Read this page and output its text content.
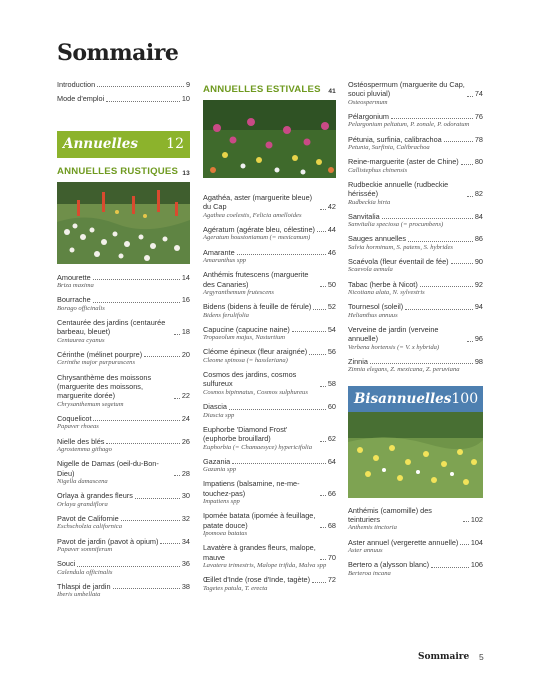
Sommaire
Introduction	9
Mode d'emploi	10
Annuelles 12
ANNUELLES RUSTIQUES 13
Amourette	14
Briza maxima
Bourrache	16
Borago officinalis
Centaurée des jardins (centaurée barbeau, bleuet)	18
Centaurea cyanus
Cérinthe (mélinet pourpre)	20
Cerinthe major purpurascens
Chrysanthème des moissons (marguerite des moissons, marguerite dorée)	22
Chrysanthemum segetum
Coquelicot	24
Papaver rhoeas
Nielle des blés	26
Agrostemma githago
Nigelle de Damas (oeil-du-Bon-Dieu)	28
Nigella damascena
Orlaya à grandes fleurs	30
Orlaya grandiflora
Pavot de Californie	32
Eschscholzia californica
Pavot de jardin (pavot à opium)	34
Papaver somniferum
Souci	36
Calendula officinalis
Thlaspi de jardin	38
Iberis umbellata
ANNUELLES ESTIVALES 41
Agathéa, aster (marguerite bleue) du Cap	42
Agathea coelestis, Felicia amelloides
Agératum (agérate bleu, célestine) 44
Ageratum houstonianum (= mexicanum)
Amarante	46
Amaranthus spp
Anthémis frutescens (marguerite des Canaries)	50
Argyranthemum frutescens
Bidens (bidens à feuille de férule) 52
Bidens ferulifolia
Capucine (capucine naine)	54
Tropaeolum majus, Nasturtium
Cléome épineux (fleur araignée)	56
Cleome spinosa (= hassleriana)
Cosmos des jardins, cosmos sulfureux	58
Cosmos bipinnatus, Cosmos sulphureus
Diascia	60
Diascia spp
Euphorbe 'Diamond Frost' (euphorbe brouillard)	62
Euphorbia (= Chamaesyce) hypericifolia
Gazania	64
Gazania spp
Impatiens (balsamine, ne-me-touchez-pas)	66
Impatiens spp
Ipomée batata (ipomée à feuillage, patate douce)	68
Ipomoea batatas
Lavatère à grandes fleurs, malope, mauve	70
Lavatera trimestris, Malope trifida, Malva spp
Œillet d'Inde (rose d'Inde, tagète) 72
Tagetes patula, T. erecta
Ostéospermum (marguerite du Cap, souci pluvial)	74
Osteospermum
Pélargonium	76
Pelargonium peltatum, P. zonale, P. odoratum
Pétunia, surfinia, calibrachoa	78
Petunia, Surfinia, Calibrachoa
Reine-marguerite (aster de Chine) 80
Callistephus chinensis
Rudbeckie annuelle (rudbeckie hérissée)	82
Rudbeckia hirta
Sanvitalia	84
Sanvitalia speciosa (= procumbens)
Sauges annuelles	86
Salvia horminum, S. patens, S. hybrides
Scaévola (fleur éventail de fée)	90
Scaevola aemula
Tabac (herbe à Nicot)	92
Nicotiana alata, N. sylvestris
Tournesol (soleil)	94
Helianthus annuus
Verveine de jardin (verveine annuelle)	96
Verbena hortensis (= V. x hybrida)
Zinnia	98
Zinnia elegans, Z. mexicana, Z. peruviana
Bisannuelles 100
Anthémis (camomille) des teinturiers	102
Anthemis tinctoria
Aster annuel (vergerette annuelle) 104
Aster annuus
Bertero a (alysson blanc)	106
Berteroa incana
Sommaire 5
